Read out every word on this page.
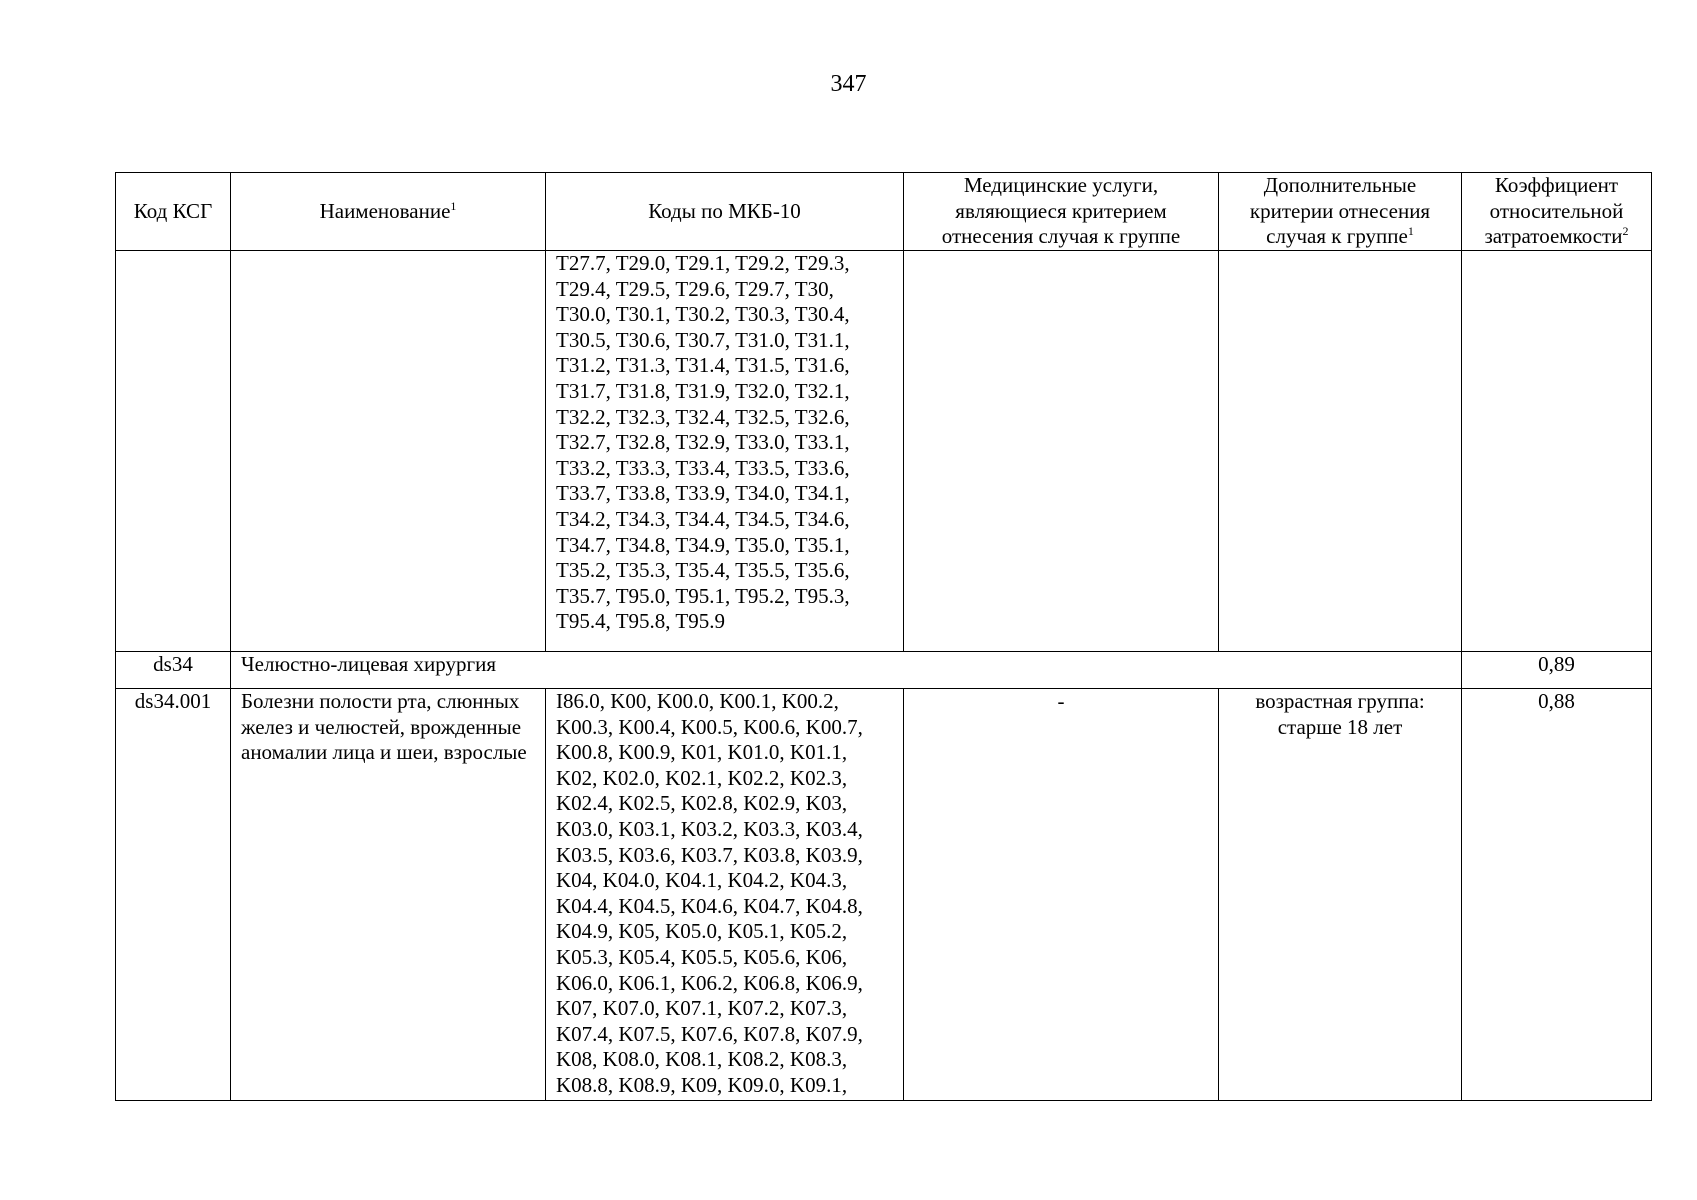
347
Код КСГ	Наименование$^1$	Коды по МКБ-10	Медицинские услуги, являющиеся критерием отнесения случая к группе	Дополнительные критерии отнесения случая к группе$^1$	Коэффициент относительной затратоемкости$^2$
		T27.7, T29.0, T29.1, T29.2, T29.3, T29.4, T29.5, T29.6, T29.7, T30, T30.0, T30.1, T30.2, T30.3, T30.4, T30.5, T30.6, T30.7, T31.0, T31.1, T31.2, T31.3, T31.4, T31.5, T31.6, T31.7, T31.8, T31.9, T32.0, T32.1, T32.2, T32.3, T32.4, T32.5, T32.6, T32.7, T32.8, T32.9, T33.0, T33.1, T33.2, T33.3, T33.4, T33.5, T33.6, T33.7, T33.8, T33.9, T34.0, T34.1, T34.2, T34.3, T34.4, T34.5, T34.6, T34.7, T34.8, T34.9, T35.0, T35.1, T35.2, T35.3, T35.4, T35.5, T35.6, T35.7, T95.0, T95.1, T95.2, T95.3, T95.4, T95.8, T95.9			
ds34	Челюстно-лицевая хирургия				0,89
ds34.001	Болезни полости рта, слюнных желез и челюстей, врожденные аномалии лица и шеи, взрослые	I86.0, K00, K00.0, K00.1, K00.2, K00.3, K00.4, K00.5, K00.6, K00.7, K00.8, K00.9, K01, K01.0, K01.1, K02, K02.0, K02.1, K02.2, K02.3, K02.4, K02.5, K02.8, K02.9, K03, K03.0, K03.1, K03.2, K03.3, K03.4, K03.5, K03.6, K03.7, K03.8, K03.9, K04, K04.0, K04.1, K04.2, K04.3, K04.4, K04.5, K04.6, K04.7, K04.8, K04.9, K05, K05.0, K05.1, K05.2, K05.3, K05.4, K05.5, K05.6, K06, K06.0, K06.1, K06.2, K06.8, K06.9, K07, K07.0, K07.1, K07.2, K07.3, K07.4, K07.5, K07.6, K07.8, K07.9, K08, K08.0, K08.1, K08.2, K08.3, K08.8, K08.9, K09, K09.0, K09.1,	-	возрастная группа: старше 18 лет	0,88
